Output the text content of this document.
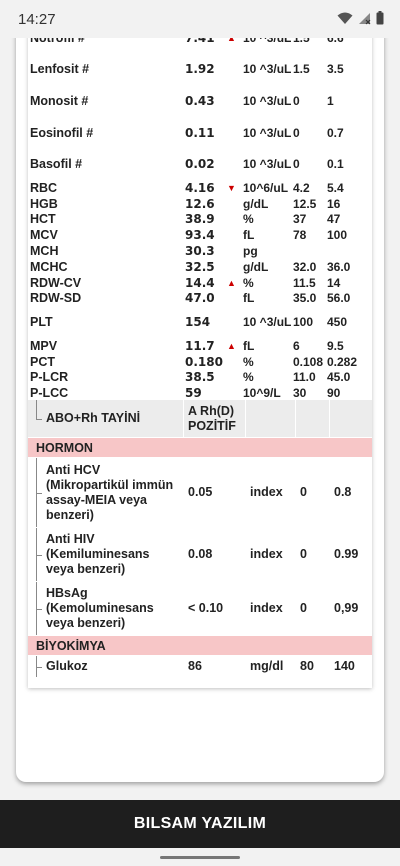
14:27
Lenfosit #	1.92	10 ^3/uL 1.5	3.5
Monosit #	0.43	10 ^3/uL 0	1
Eosinofil #	0.11	10 ^3/uL 0	0.7
Basofil #	0.02	10 ^3/uL 0	0.1
RBC	4.16	▼ 10^6/uL 4.2	5.4
HGB	12.6	g/dL	12.5 16
HCT	38.9	%	37	47
MCV	93.4	fL	78	100
MCH	30.3	pg
MCHC	32.5	g/dL	32.0 36.0
RDW-CV	14.4	▲ %	11.5 14
RDW-SD	47.0	fL	35.0 56.0
PLT	154	10 ^3/uL 100	450
MPV	11.7	▲ fL	6	9.5
PCT	0.180 %	0.108 0.282
P-LCR	38.5	%	11.0 45.0
P-LCC	59	10^9/L	30	90
ABO+Rh TAYİNİ
A Rh(D) POZİTİF
HORMON
Anti HCV (Mikropartikül immün assay-MEIA veya benzeri)
0.05	index 0 0.8
Anti HIV (Kemiluminesans veya benzeri)
0.08	index 0 0.99
HBsAg (Kemoluminesans veya benzeri)
< 0.10 index 0 0,99
BİYOKİMYA
Glukoz	86	mg/dl 80 140
BILSAM YAZILIM
